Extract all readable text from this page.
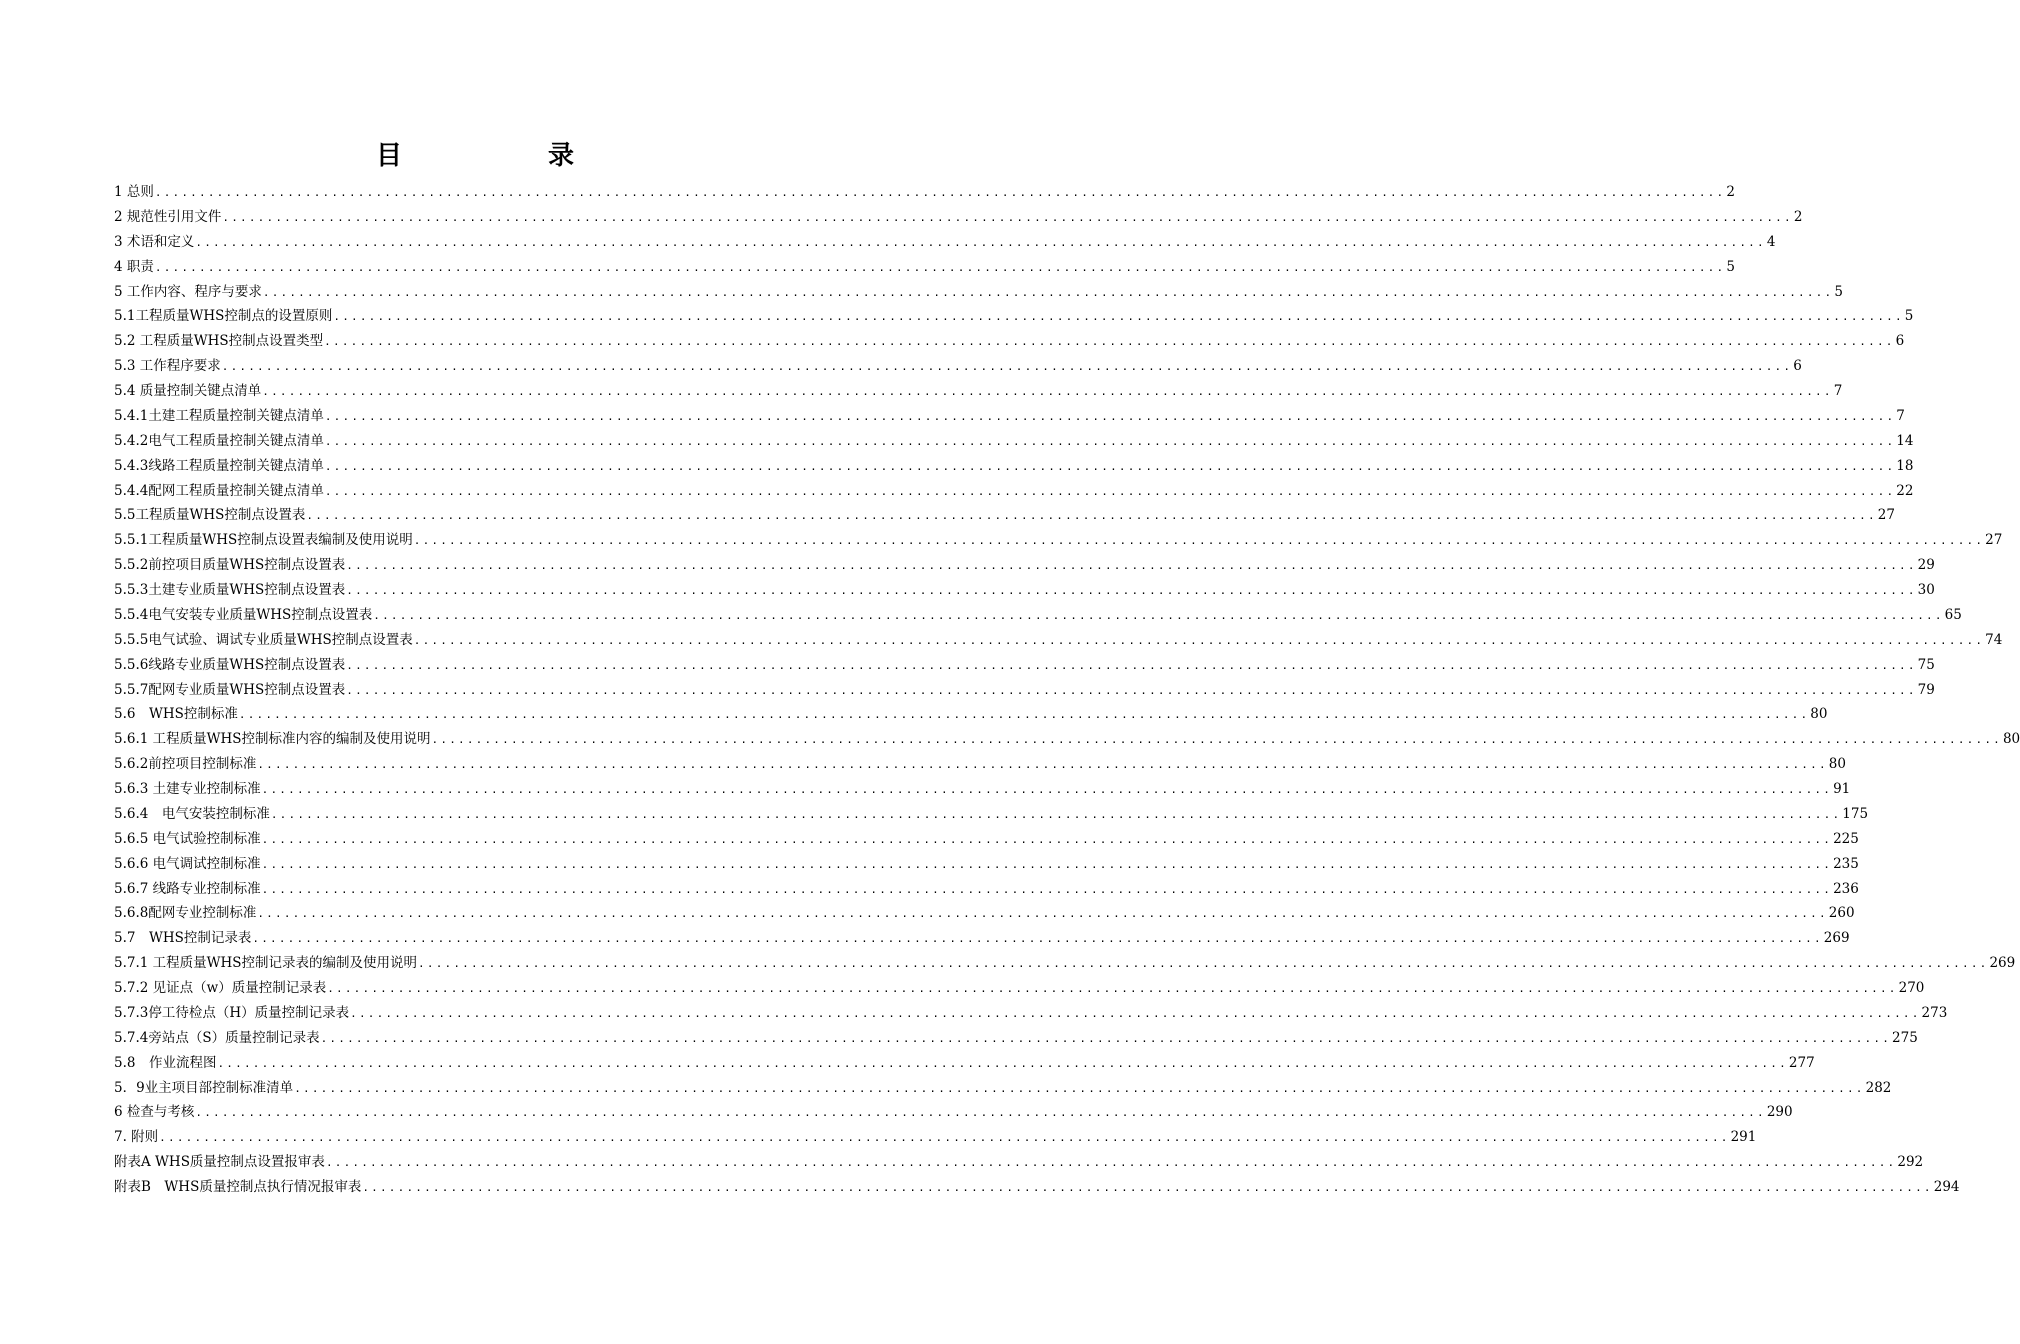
目　录
1 总则 .................................................................................................................................................................................. 2
2 规范性引用文件 .................................................................................................................................................................................. 2
3 术语和定义 .................................................................................................................................................................................. 4
4 职责 .................................................................................................................................................................................. 5
5 工作内容、程序与要求 .................................................................................................................................................................................. 5
5.1工程质量WHS控制点的设置原则 .................................................................................................................................................................................. 5
5.2 工程质量WHS控制点设置类型 .................................................................................................................................................................................. 6
5.3 工作程序要求 .................................................................................................................................................................................. 6
5.4 质量控制关键点清单 .................................................................................................................................................................................. 7
5.4.1土建工程质量控制关键点清单 .................................................................................................................................................................................. 7
5.4.2电气工程质量控制关键点清单 .................................................................................................................................................................................. 14
5.4.3线路工程质量控制关键点清单 .................................................................................................................................................................................. 18
5.4.4配网工程质量控制关键点清单 .................................................................................................................................................................................. 22
5.5工程质量WHS控制点设置表 .................................................................................................................................................................................. 27
5.5.1工程质量WHS控制点设置表编制及使用说明 .................................................................................................................................................................................. 27
5.5.2前控项目质量WHS控制点设置表 .................................................................................................................................................................................. 29
5.5.3土建专业质量WHS控制点设置表 .................................................................................................................................................................................. 30
5.5.4电气安装专业质量WHS控制点设置表 .................................................................................................................................................................................. 65
5.5.5电气试验、调试专业质量WHS控制点设置表 .................................................................................................................................................................................. 74
5.5.6线路专业质量WHS控制点设置表 .................................................................................................................................................................................. 75
5.5.7配网专业质量WHS控制点设置表 .................................................................................................................................................................................. 79
5.6　WHS控制标准 .................................................................................................................................................................................. 80
5.6.1 工程质量WHS控制标准内容的编制及使用说明 .................................................................................................................................................................................. 80
5.6.2前控项目控制标准 .................................................................................................................................................................................. 80
5.6.3 土建专业控制标准 .................................................................................................................................................................................. 91
5.6.4　电气安装控制标准 .................................................................................................................................................................................. 175
5.6.5 电气试验控制标准 .................................................................................................................................................................................. 225
5.6.6 电气调试控制标准 .................................................................................................................................................................................. 235
5.6.7 线路专业控制标准 .................................................................................................................................................................................. 236
5.6.8配网专业控制标准 .................................................................................................................................................................................. 260
5.7　WHS控制记录表 .................................................................................................................................................................................. 269
5.7.1 工程质量WHS控制记录表的编制及使用说明 .................................................................................................................................................................................. 269
5.7.2 见证点（w）质量控制记录表 .................................................................................................................................................................................. 270
5.7.3停工待检点（H）质量控制记录表 .................................................................................................................................................................................. 273
5.7.4旁站点（S）质量控制记录表 .................................................................................................................................................................................. 275
5.8　作业流程图 .................................................................................................................................................................................. 277
5．9业主项目部控制标准清单 .................................................................................................................................................................................. 282
6 检查与考核 .................................................................................................................................................................................. 290
7. 附则 .................................................................................................................................................................................. 291
附表A WHS质量控制点设置报审表 .................................................................................................................................................................................. 292
附表B　WHS质量控制点执行情况报审表 .................................................................................................................................................................................. 294
